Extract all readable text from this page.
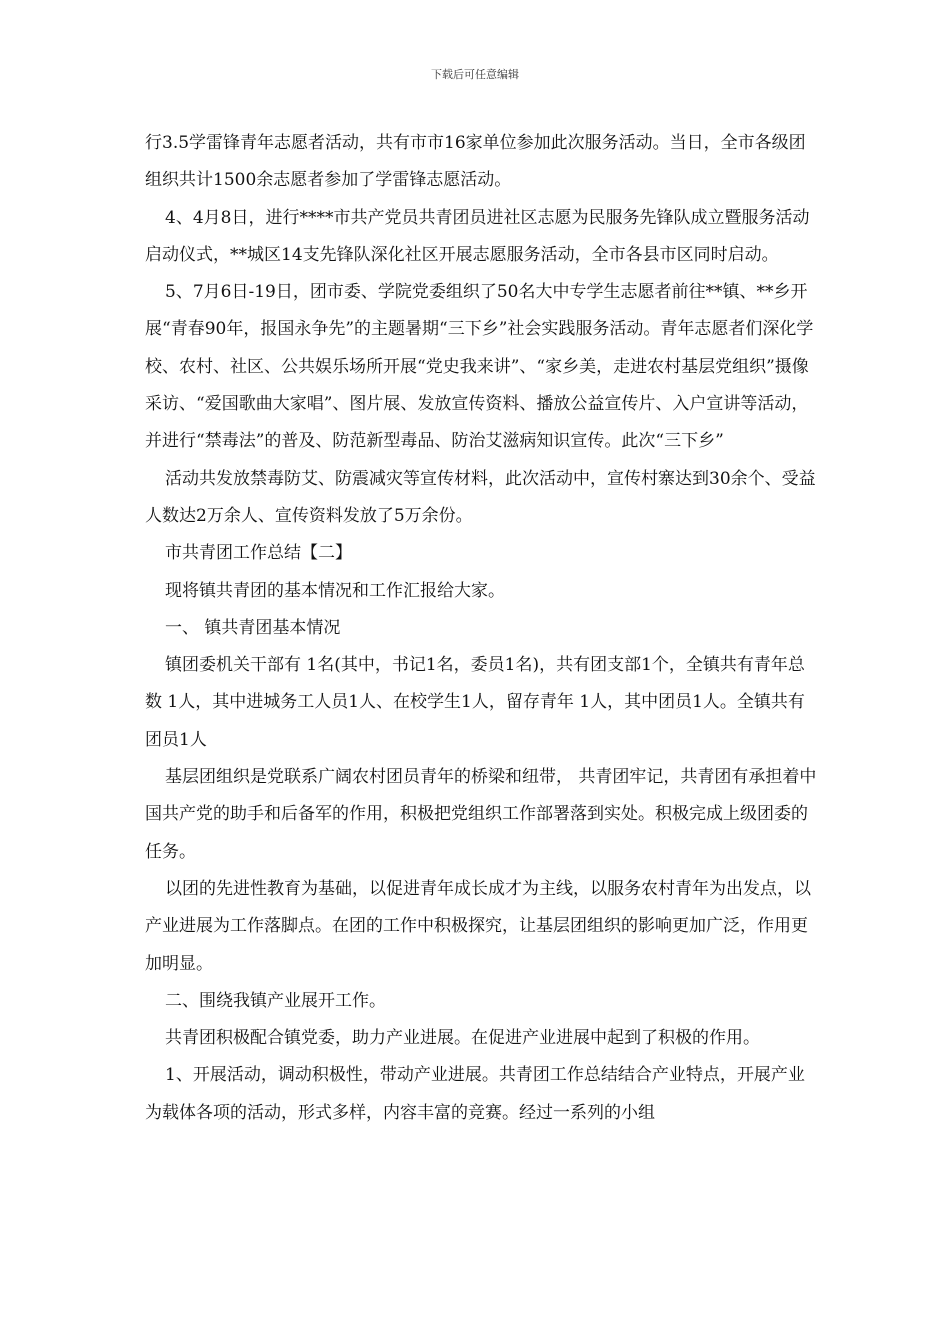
下载后可任意编辑

行3.5学雷锋青年志愿者活动，共有市市16家单位参加此次服务活动。当日，全市各级团组织共计1500余志愿者参加了学雷锋志愿活动。

4、4月8日，进行****市共产党员共青团员进社区志愿为民服务先锋队成立暨服务活动启动仪式，**城区14支先锋队深化社区开展志愿服务活动，全市各县市区同时启动。

5、7月6日-19日，团市委、学院党委组织了50名大中专学生志愿者前往**镇、**乡开展“青春90年，报国永争先”的主题暑期“三下乡”社会实践服务活动。青年志愿者们深化学校、农村、社区、公共娱乐场所开展“党史我来讲”、“家乡美，走进农村基层党组织”摄像采访、“爱国歌曲大家唱”、图片展、发放宣传资料、播放公益宣传片、入户宣讲等活动，并进行“禁毒法”的普及、防范新型毒品、防治艾滋病知识宣传。此次“三下乡”

活动共发放禁毒防艾、防震减灾等宣传材料，此次活动中，宣传村寨达到30余个、受益人数达2万余人、宣传资料发放了5万余份。

市共青团工作总结【二】

现将镇共青团的基本情况和工作汇报给大家。

一、 镇共青团基本情况

镇团委机关干部有 1名(其中，书记1名，委员1名)，共有团支部1个，全镇共有青年总数 1人，其中进城务工人员1人、在校学生1人，留存青年 1人，其中团员1人。全镇共有团员1人

基层团组织是党联系广阔农村团员青年的桥梁和纽带， 共青团牢记，共青团有承担着中国共产党的助手和后备军的作用，积极把党组织工作部署落到实处。积极完成上级团委的任务。

以团的先进性教育为基础，以促进青年成长成才为主线，以服务农村青年为出发点，以产业进展为工作落脚点。在团的工作中积极探究，让基层团组织的影响更加广泛，作用更加明显。

二、围绕我镇产业展开工作。

共青团积极配合镇党委，助力产业进展。在促进产业进展中起到了积极的作用。

1、开展活动，调动积极性，带动产业进展。共青团工作总结结合产业特点，开展产业为载体各项的活动，形式多样，内容丰富的竞赛。经过一系列的小组
